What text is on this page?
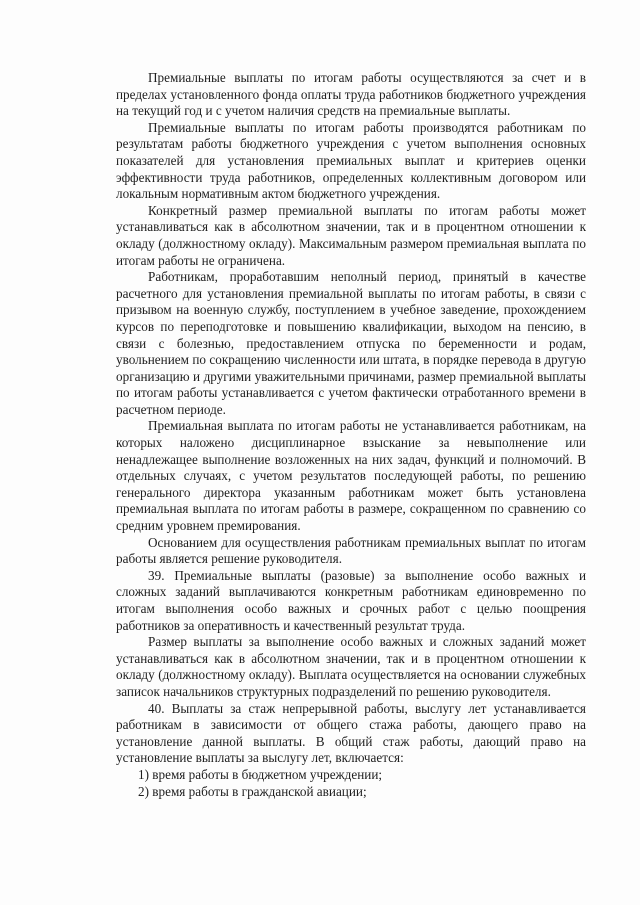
Премиальные выплаты по итогам работы осуществляются за счет и в пределах установленного фонда оплаты труда работников бюджетного учреждения на текущий год и с учетом наличия средств на премиальные выплаты.

Премиальные выплаты по итогам работы производятся работникам по результатам работы бюджетного учреждения с учетом выполнения основных показателей для установления премиальных выплат и критериев оценки эффективности труда работников, определенных коллективным договором или локальным нормативным актом бюджетного учреждения.

Конкретный размер премиальной выплаты по итогам работы может устанавливаться как в абсолютном значении, так и в процентном отношении к окладу (должностному окладу). Максимальным размером премиальная выплата по итогам работы не ограничена.

Работникам, проработавшим неполный период, принятый в качестве расчетного для установления премиальной выплаты по итогам работы, в связи с призывом на военную службу, поступлением в учебное заведение, прохождением курсов по переподготовке и повышению квалификации, выходом на пенсию, в связи с болезнью, предоставлением отпуска по беременности и родам, увольнением по сокращению численности или штата, в порядке перевода в другую организацию и другими уважительными причинами, размер премиальной выплаты по итогам работы устанавливается с учетом фактически отработанного времени в расчетном периоде.

Премиальная выплата по итогам работы не устанавливается работникам, на которых наложено дисциплинарное взыскание за невыполнение или ненадлежащее выполнение возложенных на них задач, функций и полномочий. В отдельных случаях, с учетом результатов последующей работы, по решению генерального директора указанным работникам может быть установлена премиальная выплата по итогам работы в размере, сокращенном по сравнению со средним уровнем премирования.

Основанием для осуществления работникам премиальных выплат по итогам работы является решение руководителя.

39. Премиальные выплаты (разовые) за выполнение особо важных и сложных заданий выплачиваются конкретным работникам единовременно по итогам выполнения особо важных и срочных работ с целью поощрения работников за оперативность и качественный результат труда.

Размер выплаты за выполнение особо важных и сложных заданий может устанавливаться как в абсолютном значении, так и в процентном отношении к окладу (должностному окладу). Выплата осуществляется на основании служебных записок начальников структурных подразделений по решению руководителя.

40. Выплаты за стаж непрерывной работы, выслугу лет устанавливается работникам в зависимости от общего стажа работы, дающего право на установление данной выплаты. В общий стаж работы, дающий право на установление выплаты за выслугу лет, включается:

1) время работы в бюджетном учреждении;

2) время работы в гражданской авиации;
